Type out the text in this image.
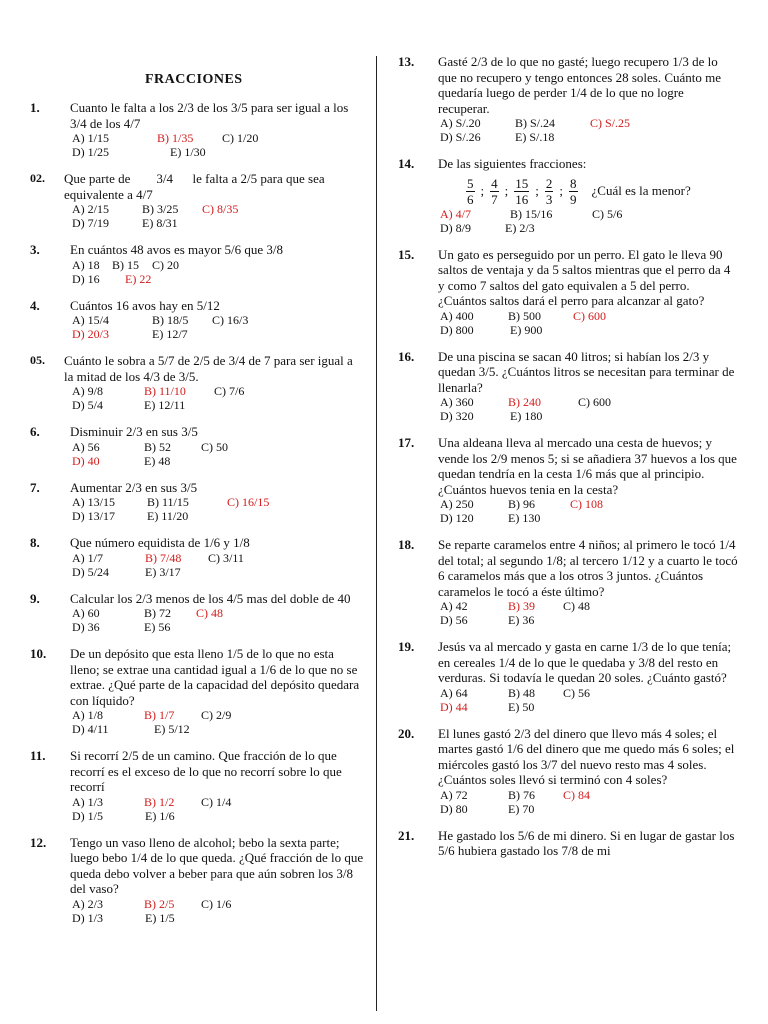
FRACCIONES
1. Cuanto le falta a los 2/3 de los 3/5 para ser igual a los 3/4 de los 4/7
A) 1/15	B) 1/35 C) 1/20
D) 1/25	E) 1/30
02. Que parte de        3/4      le falta a 2/5 para que sea equivalente a 4/7
A) 2/15	B) 3/25 C) 8/35
D) 7/19	E) 8/31
3. En cuántos 48 avos es mayor 5/6 que 3/8
A) 18 B) 15 C) 20
D) 16 E) 22
4. Cuántos 16 avos hay en 5/12
A) 15/4	B) 18/5 C) 16/3
D) 20/3	E) 12/7
05. Cuánto le sobra a 5/7 de 2/5 de 3/4 de 7 para ser igual a la mitad de los 4/3 de 3/5.
A) 9/8	B) 11/10 C) 7/6
D) 5/4	E) 12/11
6. Disminuir 2/3 en sus 3/5
A) 56	B) 52	C) 50
D) 40	E) 48
7. Aumentar 2/3 en sus 3/5
A) 13/15	B) 11/15	C) 16/15
D) 13/17	E) 11/20
8. Que número equidista de 1/6 y 1/8
A) 1/7	B) 7/48 C) 3/11
D) 5/24	E) 3/17
9. Calcular los 2/3 menos de los 4/5 mas del doble de 40
A) 60	B) 72 C) 48
D) 36	E) 56
10. De un depósito que esta lleno 1/5 de lo que no esta lleno; se extrae una cantidad igual a 1/6 de lo que no se extrae. ¿Qué parte de la capacidad del depósito quedara con líquido?
A) 1/8	B) 1/7 C) 2/9
D) 4/11	E) 5/12
11. Si recorrí 2/5 de un camino. Que fracción de lo que recorrí es el exceso de lo que no recorrí sobre lo que recorrí
A) 1/3	B) 1/2 C) 1/4
D) 1/5	E) 1/6
12. Tengo un vaso lleno de alcohol; bebo la sexta parte; luego bebo 1/4 de lo que queda. ¿Qué fracción de lo que queda debo volver a beber para que aún sobren los 3/8 del vaso?
A) 2/3	B) 2/5 C) 1/6
D) 1/3	E) 1/5
13. Gasté 2/3 de lo que no gasté; luego recupero 1/3 de lo que no recupero y tengo entonces 28 soles. Cuánto me quedaría luego de perder 1/4 de lo que no logre recuperar.
A) S/.20	B) S/.24	C) S/.25
D) S/.26	E) S/.18
14. De las siguientes fracciones:
$\frac{5}{6}$ ; $\frac{4}{7}$ ; $\frac{15}{16}$ ; $\frac{2}{3}$ ; $\frac{8}{9}$ ¿Cuál es la menor?
A) 4/7	B) 15/16	C) 5/6
D) 8/9	E) 2/3
15. Un gato es perseguido por un perro. El gato le lleva 90 saltos de ventaja y da 5 saltos mientras que el perro da 4 y como 7 saltos del gato equivalen a 5 del perro. ¿Cuántos saltos dará el perro para alcanzar al gato?
A) 400	B) 500	C) 600
D) 800	E) 900
16. De una piscina se sacan 40 litros; si habían los 2/3 y quedan 3/5. ¿Cuántos litros se necesitan para terminar de llenarla?
A) 360	B) 240	C) 600
D) 320	E) 180
17. Una aldeana lleva al mercado una cesta de huevos; y vende los 2/9 menos 5; si se añadiera 37 huevos a los que quedan tendría en la cesta 1/6 más que al principio. ¿Cuántos huevos tenia en la cesta?
A) 250	B) 96	C) 108
D) 120	E) 130
18. Se reparte caramelos entre 4 niños; al primero le tocó 1/4 del total; al segundo 1/8; al tercero 1/12 y a cuarto le tocó 6 caramelos más que a los otros 3 juntos. ¿Cuántos caramelos le tocó a éste último?
A) 42	B) 39 C) 48
D) 56	E) 36
19. Jesús va al mercado y gasta en carne 1/3 de lo que tenía; en cereales 1/4 de lo que le quedaba y 3/8 del resto en verduras. Si todavía le quedan 20 soles. ¿Cuánto gastó?
A) 64	B) 48 C) 56
D) 44	E) 50
20. El lunes gastó 2/3 del dinero que llevo más 4 soles; el martes gastó 1/6 del dinero que me quedo más 6 soles; el miércoles gastó los 3/7 del nuevo resto mas 4 soles. ¿Cuántos soles llevó si terminó con 4 soles?
A) 72	B) 76 C) 84
D) 80	E) 70
21. He gastado los 5/6 de mi dinero. Si en lugar de gastar los 5/6 hubiera gastado los 7/8 de mi
